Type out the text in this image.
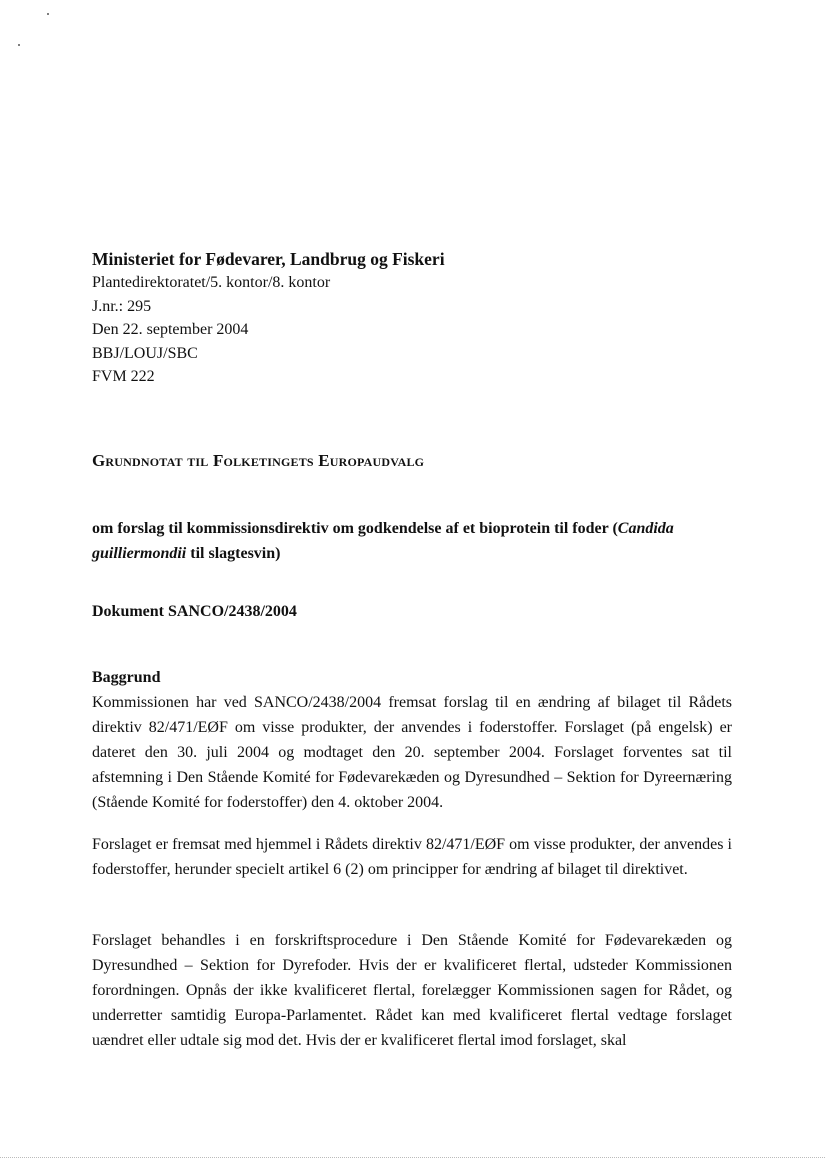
Ministeriet for Fødevarer, Landbrug og Fiskeri

Plantedirektoratet/5. kontor/8. kontor

J.nr.: 295

Den 22. september 2004

BBJ/LOUJ/SBC

FVM 222

Grundnotat til Folketingets Europaudvalg

om forslag til kommissionsdirektiv om godkendelse af et bioprotein til foder (Candida guilliermondii til slagtesvin)

Dokument SANCO/2438/2004

Baggrund

Kommissionen har ved SANCO/2438/2004 fremsat forslag til en ændring af bilaget til Rådets direktiv 82/471/EØF om visse produkter, der anvendes i foderstoffer. Forslaget (på engelsk) er dateret den 30. juli 2004 og modtaget den 20. september 2004. Forslaget forventes sat til afstemning i Den Stående Komité for Fødevarekæden og Dyresundhed – Sektion for Dyreernæring (Stående Komité for foderstoffer) den 4. oktober 2004.

Forslaget er fremsat med hjemmel i Rådets direktiv 82/471/EØF om visse produkter, der anvendes i foderstoffer, herunder specielt artikel 6 (2) om principper for ændring af bilaget til direktivet.

Forslaget behandles i en forskriftsprocedure i Den Stående Komité for Fødevarekæden og Dyresundhed – Sektion for Dyrefoder. Hvis der er kvalificeret flertal, udsteder Kommissionen forordningen. Opnås der ikke kvalificeret flertal, forelægger Kommissionen sagen for Rådet, og underretter samtidig Europa-Parlamentet. Rådet kan med kvalificeret flertal vedtage forslaget uændret eller udtale sig mod det. Hvis der er kvalificeret flertal imod forslaget, skal
